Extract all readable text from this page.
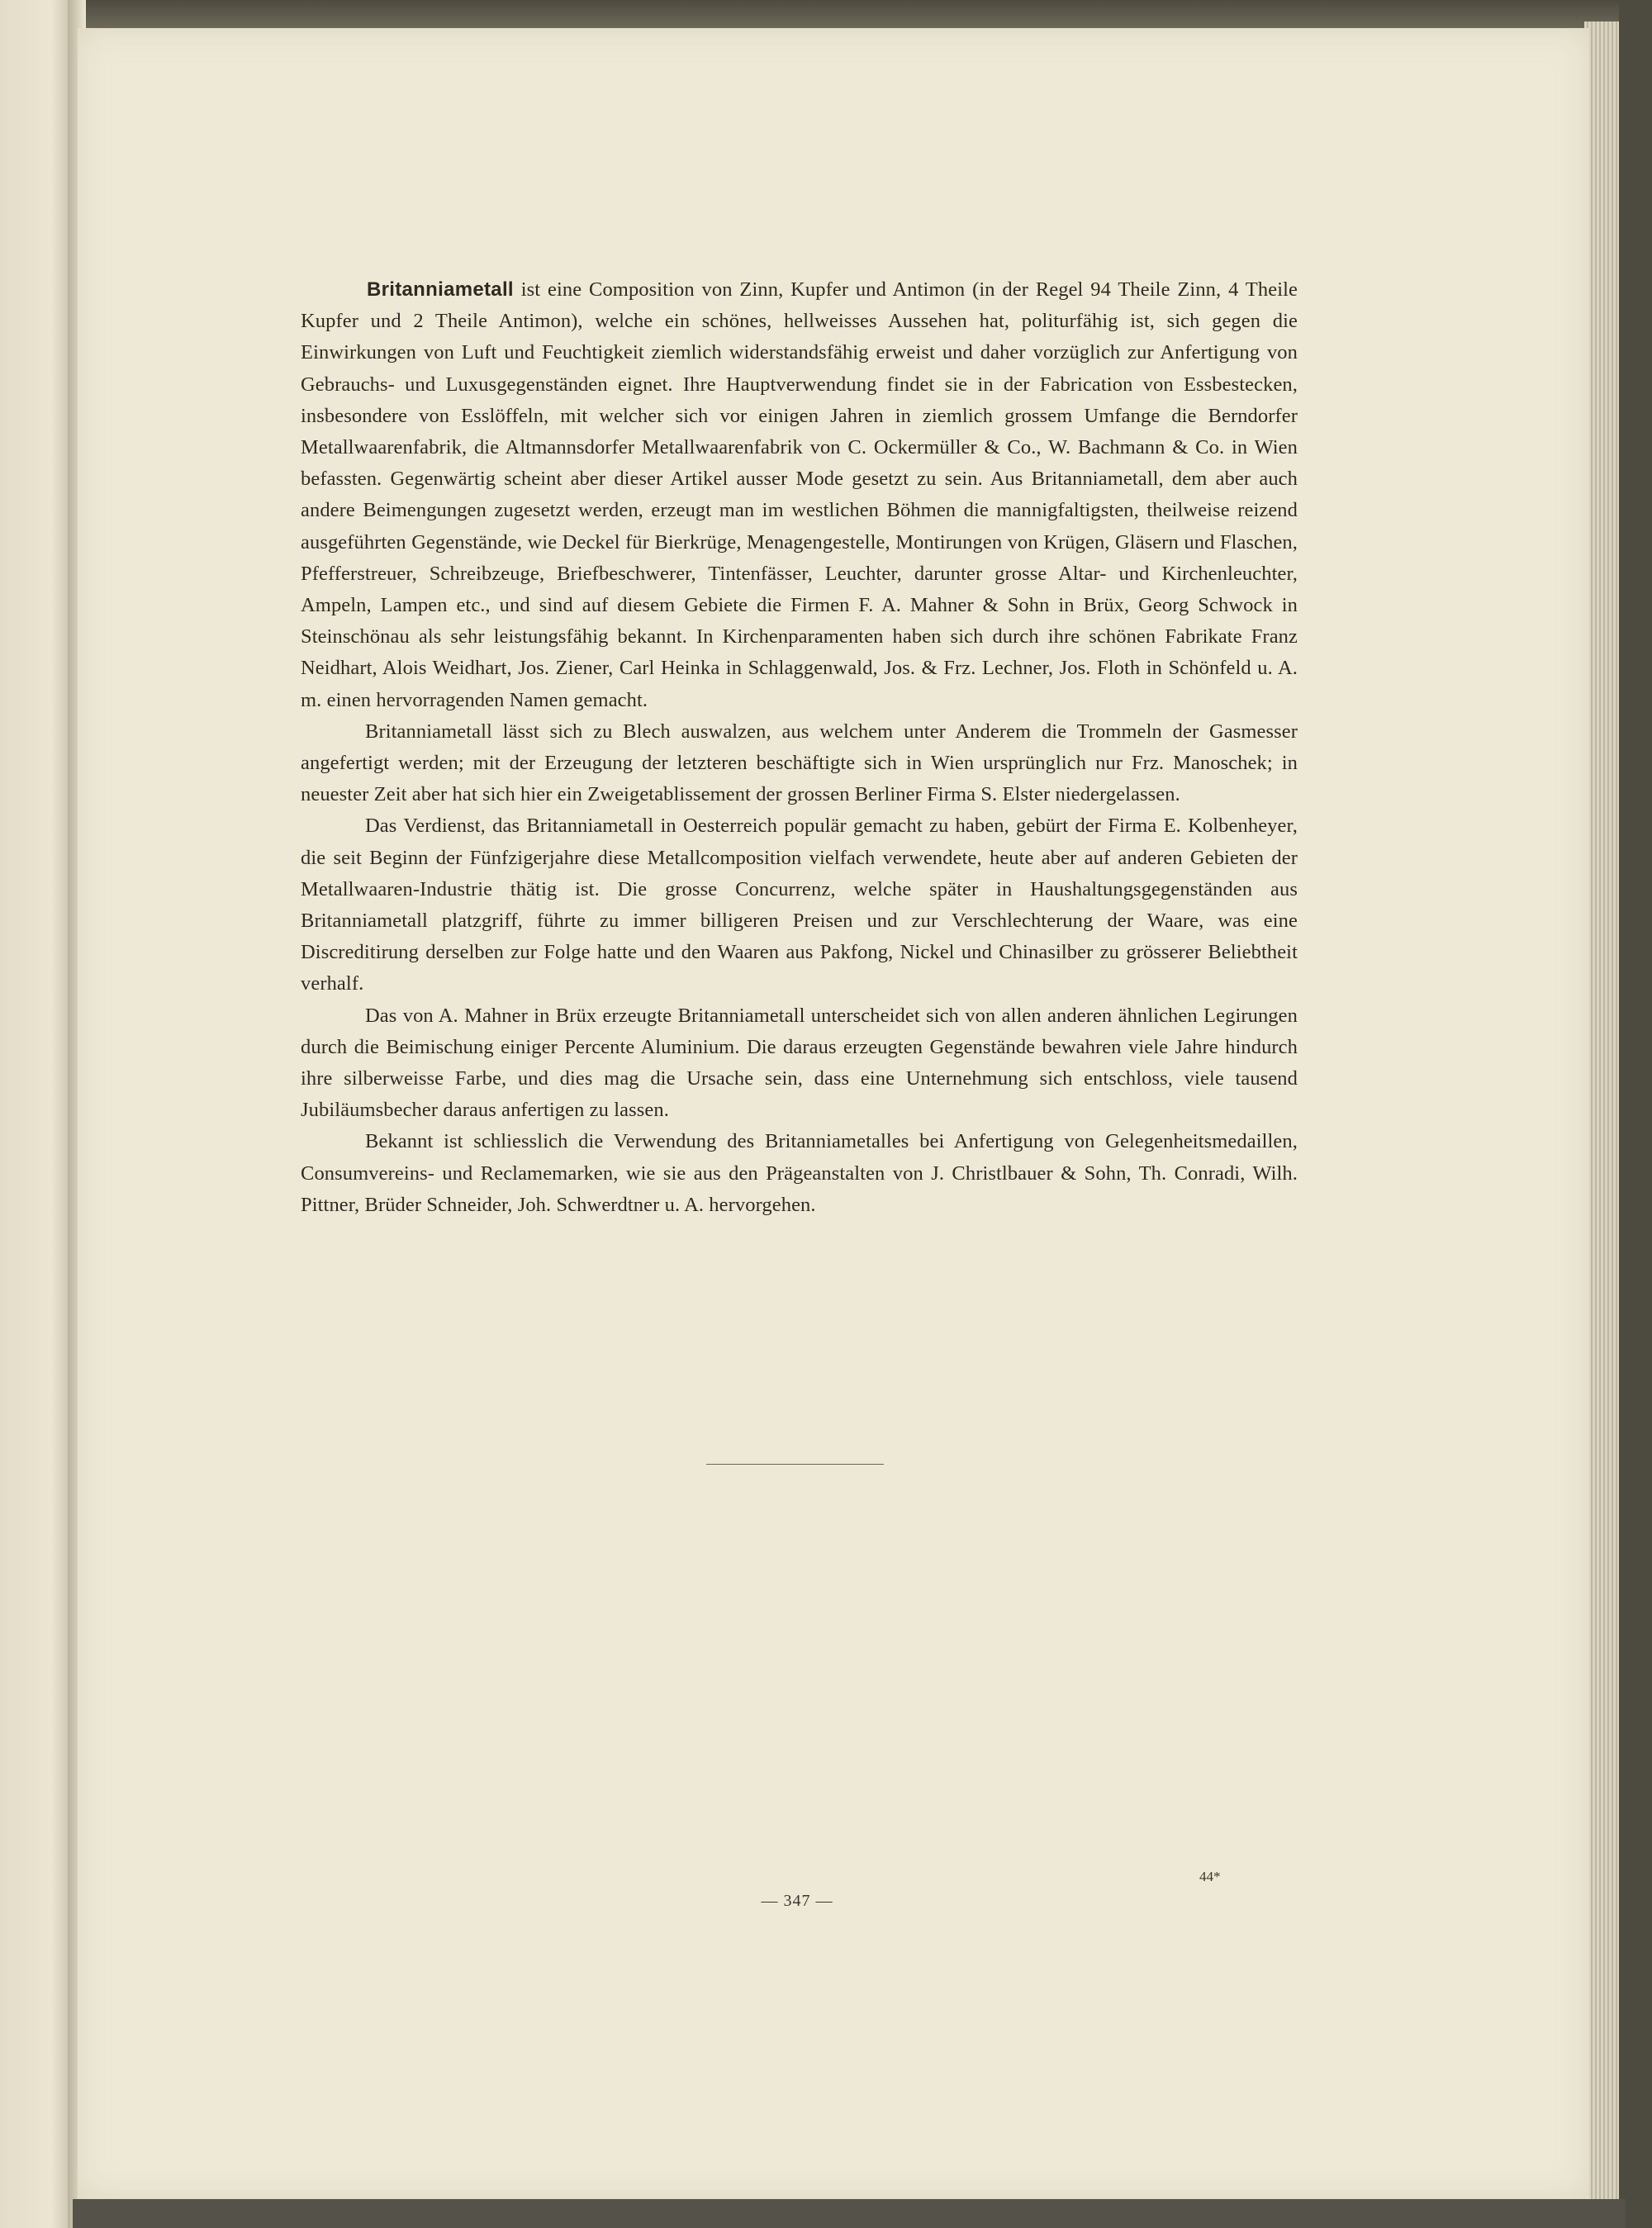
Britanniametall ist eine Composition von Zinn, Kupfer und Antimon (in der Regel 94 Theile Zinn, 4 Theile Kupfer und 2 Theile Antimon), welche ein schönes, hellweisses Aussehen hat, politurfähig ist, sich gegen die Einwirkungen von Luft und Feuchtigkeit ziemlich widerstandsfähig erweist und daher vorzüglich zur Anfertigung von Gebrauchs- und Luxusgegenständen eignet. Ihre Hauptverwendung findet sie in der Fabrication von Essbestecken, insbesondere von Esslöffeln, mit welcher sich vor einigen Jahren in ziemlich grossem Umfange die Berndorfer Metallwaarenfabrik, die Altmannsdorfer Metallwaarenfabrik von C. Ockermüller & Co., W. Bachmann & Co. in Wien befassten. Gegenwärtig scheint aber dieser Artikel ausser Mode gesetzt zu sein. Aus Britanniametall, dem aber auch andere Beimengungen zugesetzt werden, erzeugt man im westlichen Böhmen die mannigfaltigsten, theilweise reizend ausgeführten Gegenstände, wie Deckel für Bierkrüge, Menagengestelle, Montirungen von Krügen, Gläsern und Flaschen, Pfefferstreuer, Schreibzeuge, Briefbeschwerer, Tintenfässer, Leuchter, darunter grosse Altar- und Kirchenleuchter, Ampeln, Lampen etc., und sind auf diesem Gebiete die Firmen F. A. Mahner & Sohn in Brüx, Georg Schwock in Steinschönau als sehr leistungsfähig bekannt. In Kirchenparamenten haben sich durch ihre schönen Fabrikate Franz Neidhart, Alois Weidhart, Jos. Ziener, Carl Heinka in Schlaggenwald, Jos. & Frz. Lechner, Jos. Floth in Schönfeld u. A. m. einen hervorragenden Namen gemacht.

Britanniametall lässt sich zu Blech auswalzen, aus welchem unter Anderem die Trommeln der Gasmesser angefertigt werden; mit der Erzeugung der letzteren beschäftigte sich in Wien ursprünglich nur Frz. Manoschek; in neuester Zeit aber hat sich hier ein Zweigetablissement der grossen Berliner Firma S. Elster niedergelassen.

Das Verdienst, das Britanniametall in Oesterreich populär gemacht zu haben, gebürt der Firma E. Kolbenheyer, die seit Beginn der Fünfzigerjahre diese Metallcomposition vielfach verwendete, heute aber auf anderen Gebieten der Metallwaaren-Industrie thätig ist. Die grosse Concurrenz, welche später in Haushaltungsgegenständen aus Britanniametall platzgriff, führte zu immer billigeren Preisen und zur Verschlechterung der Waare, was eine Discreditirung derselben zur Folge hatte und den Waaren aus Pakfong, Nickel und Chinasilber zu grösserer Beliebtheit verhalf.

Das von A. Mahner in Brüx erzeugte Britanniametall unterscheidet sich von allen anderen ähnlichen Legirungen durch die Beimischung einiger Percente Aluminium. Die daraus erzeugten Gegenstände bewahren viele Jahre hindurch ihre silberweisse Farbe, und dies mag die Ursache sein, dass eine Unternehmung sich entschloss, viele tausend Jubiläumsbecher daraus anfertigen zu lassen.

Bekannt ist schliesslich die Verwendung des Britanniametalles bei Anfertigung von Gelegenheitsmedaillen, Consumvereins- und Reclamemarken, wie sie aus den Prägeanstalten von J. Christlbauer & Sohn, Th. Conradi, Wilh. Pittner, Brüder Schneider, Joh. Schwerdtner u. A. hervorgehen.

— 347 —
44*
